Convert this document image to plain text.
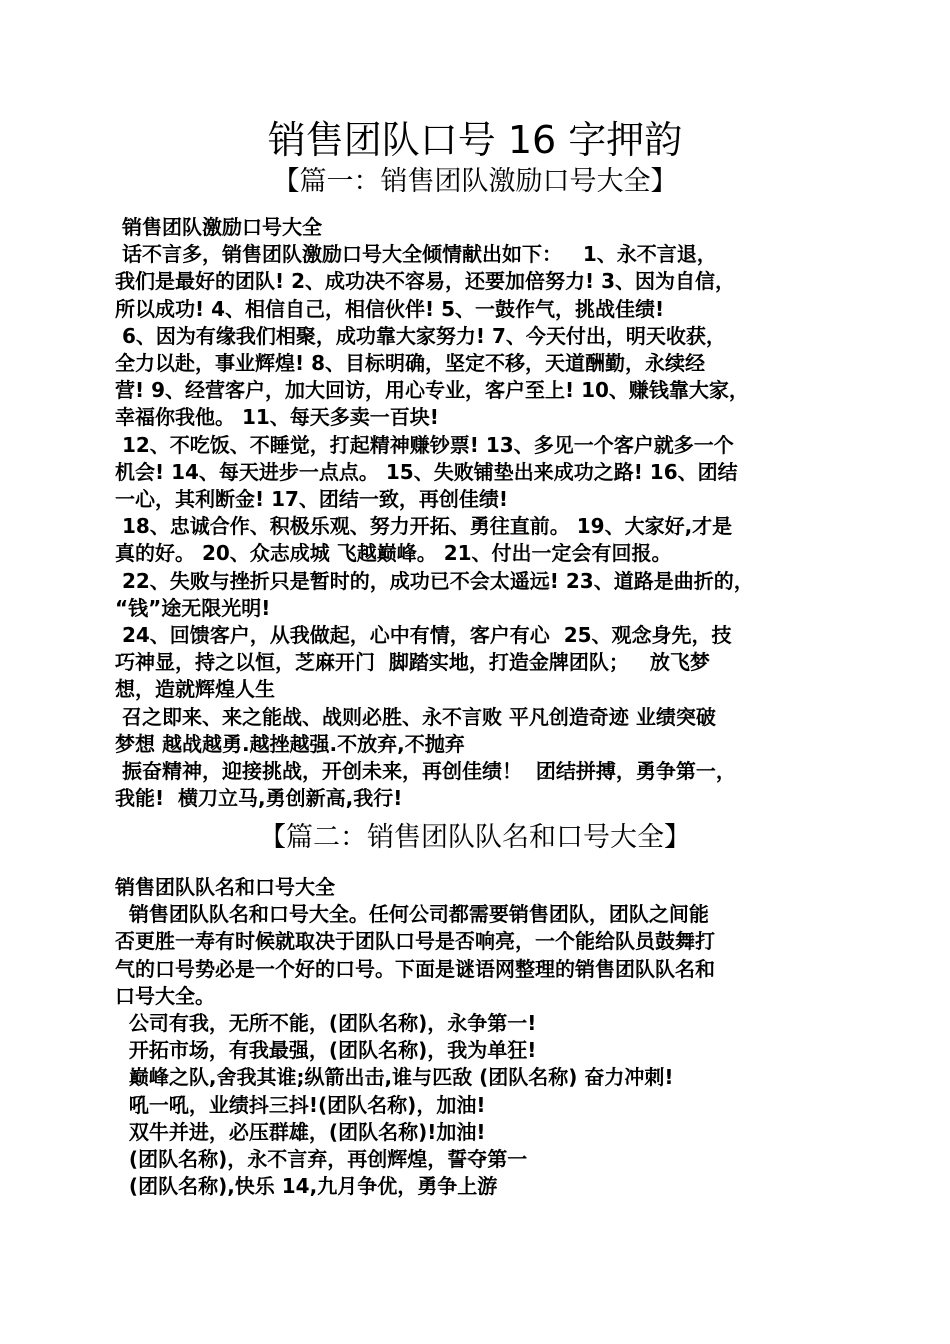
销售团队口号 16 字押韵
【篇一：销售团队激励口号大全】

销售团队激励口号大全

话不言多，销售团队激励口号大全倾情献出如下：   1、永不言退，

我们是最好的团队! 2、成功决不容易，还要加倍努力! 3、因为自信，

所以成功! 4、相信自己，相信伙伴! 5、一鼓作气，挑战佳绩!

6、因为有缘我们相聚，成功靠大家努力! 7、今天付出，明天收获，

全力以赴，事业辉煌! 8、目标明确，坚定不移，天道酬勤，永续经

营! 9、经营客户，加大回访，用心专业，客户至上! 10、赚钱靠大家，

幸福你我他。 11、每天多卖一百块!

12、不吃饭、不睡觉，打起精神赚钞票! 13、多见一个客户就多一个

机会! 14、每天进步一点点。 15、失败铺垫出来成功之路! 16、团结

一心，其利断金! 17、团结一致，再创佳绩!

18、忠诚合作、积极乐观、努力开拓、勇往直前。 19、大家好,才是

真的好。 20、众志成城 飞越巅峰。 21、付出一定会有回报。

22、失败与挫折只是暂时的，成功已不会太遥远! 23、道路是曲折的，

“钱”途无限光明!

24、回馈客户，从我做起，心中有情，客户有心  25、观念身先，技

巧神显，持之以恒，芝麻开门  脚踏实地，打造金牌团队；   放飞梦

想，造就辉煌人生

召之即来、来之能战、战则必胜、永不言败 平凡创造奇迹 业绩突破

梦想 越战越勇.越挫越强.不放弃,不抛弃

振奋精神，迎接挑战，开创未来，再创佳绩！  团结拼搏，勇争第一，

我能!  横刀立马,勇创新高,我行!

【篇二：销售团队队名和口号大全】

销售团队队名和口号大全

销售团队队名和口号大全。任何公司都需要销售团队，团队之间能

否更胜一寿有时候就取决于团队口号是否响亮，一个能给队员鼓舞打

气的口号势必是一个好的口号。下面是谜语网整理的销售团队队名和

口号大全。

公司有我，无所不能，(团队名称)，永争第一!

开拓市场，有我最强，(团队名称)，我为单狂!

巅峰之队,舍我其谁;纵箭出击,谁与匹敌 (团队名称) 奋力冲刺!

吼一吼，业绩抖三抖!(团队名称)，加油!

双牛并进，必压群雄，(团队名称)!加油!

(团队名称)，永不言弃，再创辉煌，誓夺第一

(团队名称),快乐 14,九月争优，勇争上游
